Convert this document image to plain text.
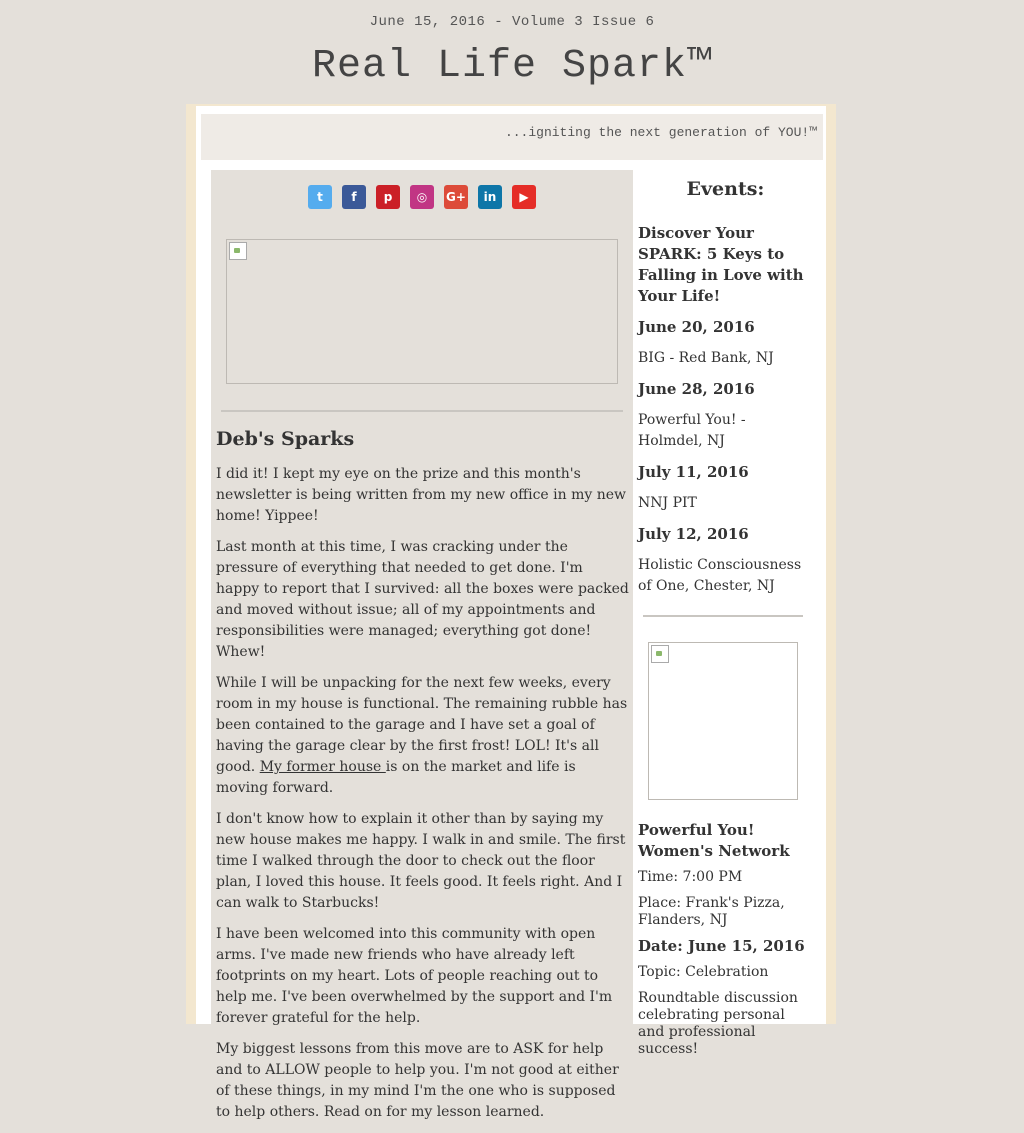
June 15, 2016 - Volume 3 Issue 6
Real Life Spark™
...igniting the next generation of YOU!™
t f p ◎ G+ in ▶
Deb's Sparks

I did it! I kept my eye on the prize and this month's newsletter is being written from my new office in my new home! Yippee!

Last month at this time, I was cracking under the pressure of everything that needed to get done. I'm happy to report that I survived: all the boxes were packed and moved without issue; all of my appointments and responsibilities were managed; everything got done! Whew!

While I will be unpacking for the next few weeks, every room in my house is functional. The remaining rubble has been contained to the garage and I have set a goal of having the garage clear by the first frost! LOL! It's all good. My former house is on the market and life is moving forward.

I don't know how to explain it other than by saying my new house makes me happy. I walk in and smile. The first time I walked through the door to check out the floor plan, I loved this house. It feels good. It feels right. And I can walk to Starbucks!

I have been welcomed into this community with open arms. I've made new friends who have already left footprints on my heart. Lots of people reaching out to help me. I've been overwhelmed by the support and I'm forever grateful for the help.

My biggest lessons from this move are to ASK for help and to ALLOW people to help you. I'm not good at either of these things, in my mind I'm the one who is supposed to help others. Read on for my lesson learned.

Events:
Discover Your SPARK: 5 Keys to Falling in Love with Your Life!
June 20, 2016
BIG - Red Bank, NJ
June 28, 2016
Powerful You! - Holmdel, NJ
July 11, 2016
NNJ PIT
July 12, 2016
Holistic Consciousness of One, Chester, NJ
Powerful You! Women's Network
Time: 7:00 PM
Place: Frank's Pizza, Flanders, NJ
Date: June 15, 2016
Topic: Celebration
Roundtable discussion celebrating personal and professional success!
